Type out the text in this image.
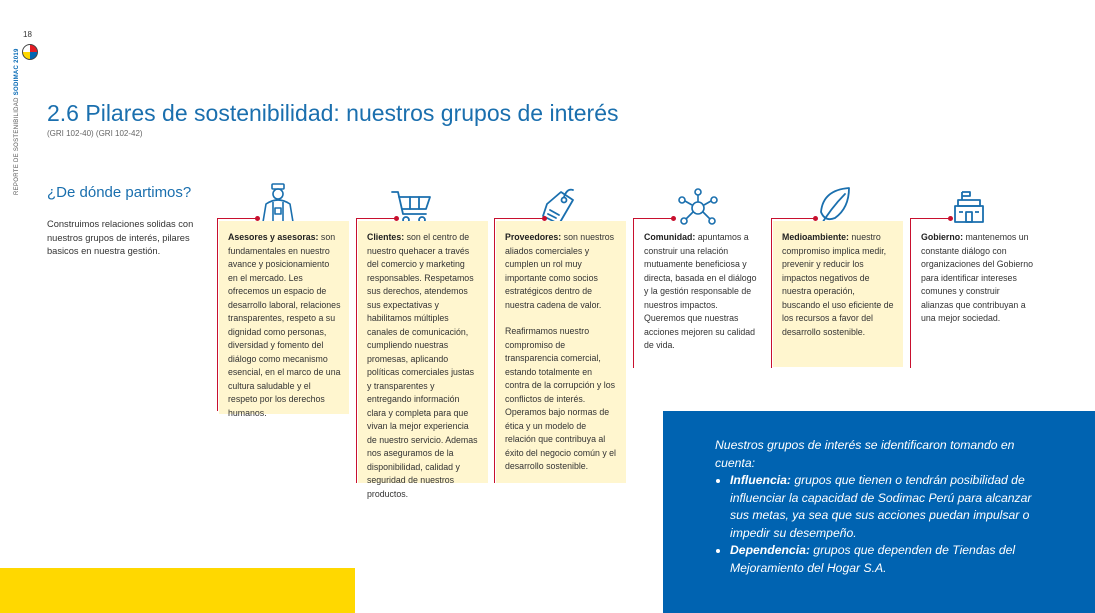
18
REPORTE DE SOSTENIBILIDAD SODIMAC 2019
2.6 Pilares de sostenibilidad: nuestros grupos de interés
(GRI 102-40) (GRI 102-42)
¿De dónde partimos?
Construimos relaciones solidas con nuestros grupos de interés, pilares basicos en nuestra gestión.

Asesores y asesoras: son fundamentales en nuestro avance y posicionamiento en el mercado. Les ofrecemos un espacio de desarrollo laboral, relaciones transparentes, respeto a su dignidad como personas, diversidad y fomento del diálogo como mecanismo esencial, en el marco de una cultura saludable y el respeto por los derechos humanos.

Clientes: son el centro de nuestro quehacer a través del comercio y marketing responsables. Respetamos sus derechos, atendemos sus expectativas y habilitamos múltiples canales de comunicación, cumpliendo nuestras promesas, aplicando políticas comerciales justas y transparentes y entregando información clara y completa para que vivan la mejor experiencia de nuestro servicio. Ademas nos aseguramos de la disponibilidad, calidad y seguridad de nuestros productos.

Proveedores: son nuestros aliados comerciales y cumplen un rol muy importante como socios estratégicos dentro de nuestra cadena de valor.

Reafirmamos nuestro compromiso de transparencia comercial, estando totalmente en contra de la corrupción y los conflictos de interés. Operamos bajo normas de ética y un modelo de relación que contribuya al éxito del negocio común y el desarrollo sostenible.

Comunidad: apuntamos a construir una relación mutuamente beneficiosa y directa, basada en el diálogo y la gestión responsable de nuestros impactos. Queremos que nuestras acciones mejoren su calidad de vida.

Medioambiente: nuestro compromiso implica medir, prevenir y reducir los impactos negativos de nuestra operación, buscando el uso eficiente de los recursos a favor del desarrollo sostenible.

Gobierno: mantenemos un constante diálogo con organizaciones del Gobierno para identificar intereses comunes y construir alianzas que contribuyan a una mejor sociedad.

Nuestros grupos de interés se identificaron tomando en cuenta:
• Influencia: grupos que tienen o tendrán posibilidad de influenciar la capacidad de Sodimac Perú para alcanzar sus metas, ya sea que sus acciones puedan impulsar o impedir su desempeño.
• Dependencia: grupos que dependen de Tiendas del Mejoramiento del Hogar S.A.
